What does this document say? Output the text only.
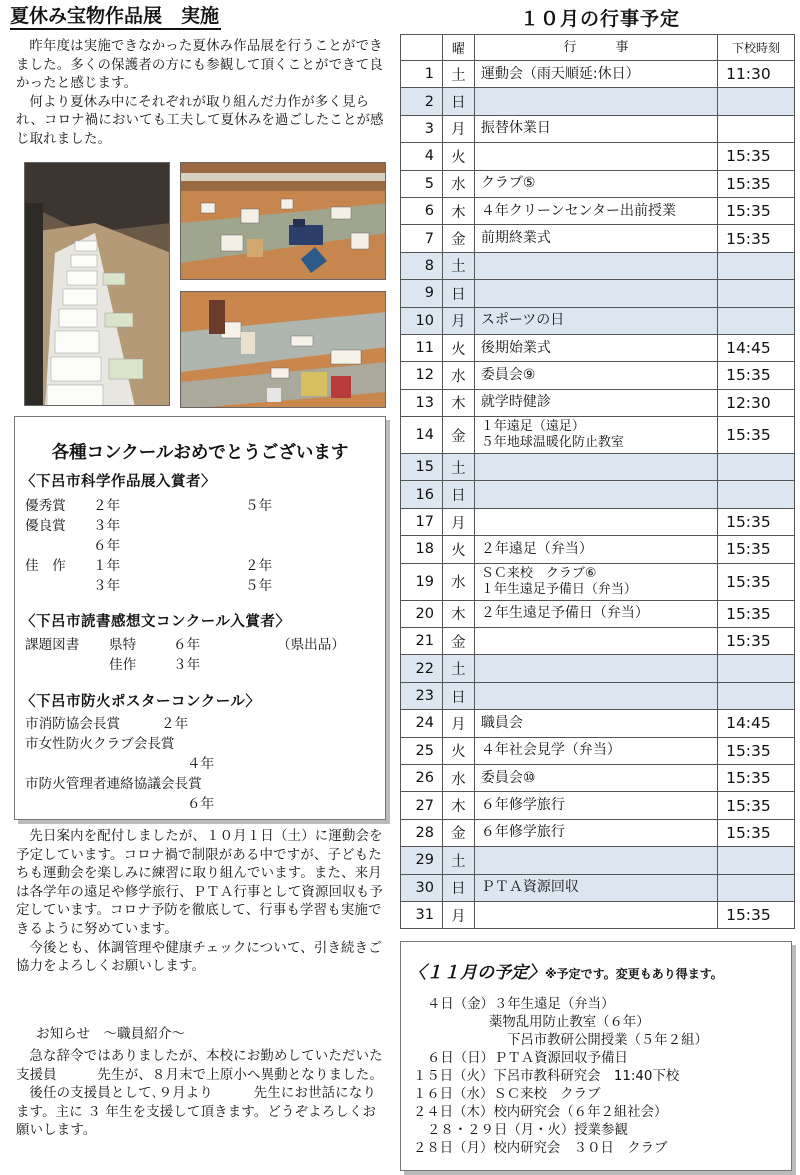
夏休み宝物作品展　実施

昨年度は実施できなかった夏休み作品展を行うことができました。多くの保護者の方にも参観して頂くことができて良かったと感じます。

何より夏休み中にそれぞれが取り組んだ力作が多く見られ、コロナ禍においても工夫して夏休みを過ごしたことが感じ取れました。

各種コンクールおめでとうございます
〈下呂市科学作品展入賞者〉
優秀賞 ２年	５年
優良賞 ３年
６年
佳　作 １年	２年
３年	５年
〈下呂市読書感想文コンクール入賞者〉
課題図書 県特	６年	（県出品）
佳作	３年
〈下呂市防火ポスターコンクール〉
市消防協会長賞	２年
市女性防火クラブ会長賞
４年
市防火管理者連絡協議会長賞
６年

先日案内を配付しましたが、１０月１日（土）に運動会を予定しています。コロナ禍で制限がある中ですが、子どもたちも運動会を楽しみに練習に取り組んでいます。また、来月は各学年の遠足や修学旅行、ＰＴＡ行事として資源回収も予定しています。コロナ予防を徹底して、行事も学習も実施できるように努めています。

今後とも、体調管理や健康チェックについて、引き続きご協力をよろしくお願いします。

お知らせ　～職員紹介～

急な辞令ではありましたが、本校にお勤めしていただいた支援員　　　先生が、８月末で上原小へ異動となりました。

後任の支援員として､９月より　　　先生にお世話になります。主に ３ 年生を支援して頂きます。どうぞよろしくお願いします。

１０月の行事予定
	曜	行　　　事	下校時刻
1	土	運動会（雨天順延:休日）	11:30
2	日		
3	月	振替休業日	
4	火		15:35
5	水	クラブ⑤	15:35
6	木	４年クリーンセンター出前授業	15:35
7	金	前期終業式	15:35
8	土		
9	日		
10	月	スポーツの日	
11	火	後期始業式	14:45
12	水	委員会⑨	15:35
13	木	就学時健診	12:30
14	金	１年遠足（遠足）
５年地球温暖化防止教室	15:35
15	土		
16	日		
17	月		15:35
18	火	２年遠足（弁当）	15:35
19	水	ＳＣ来校　クラブ⑥
１年生遠足予備日（弁当）	15:35
20	木	２年生遠足予備日（弁当）	15:35
21	金		15:35
22	土		
23	日		
24	月	職員会	14:45
25	火	４年社会見学（弁当）	15:35
26	水	委員会⑩	15:35
27	木	６年修学旅行	15:35
28	金	６年修学旅行	15:35
29	土		
30	日	ＰＴＡ資源回収	
31	月		15:35
〈１１月の予定〉※予定です。変更もあり得ます。
４日（金）３年生遠足（弁当）
薬物乱用防止教室（６年）
下呂市教研公開授業（５年２組）
６日（日）ＰＴＡ資源回収予備日
１５日（火）下呂市教科研究会　11:40下校
１６日（水）ＳＣ来校　クラブ
２４日（木）校内研究会（６年２組社会）
２８・２９日（月・火）授業参観
２８日（月）校内研究会　３０日　クラブ
